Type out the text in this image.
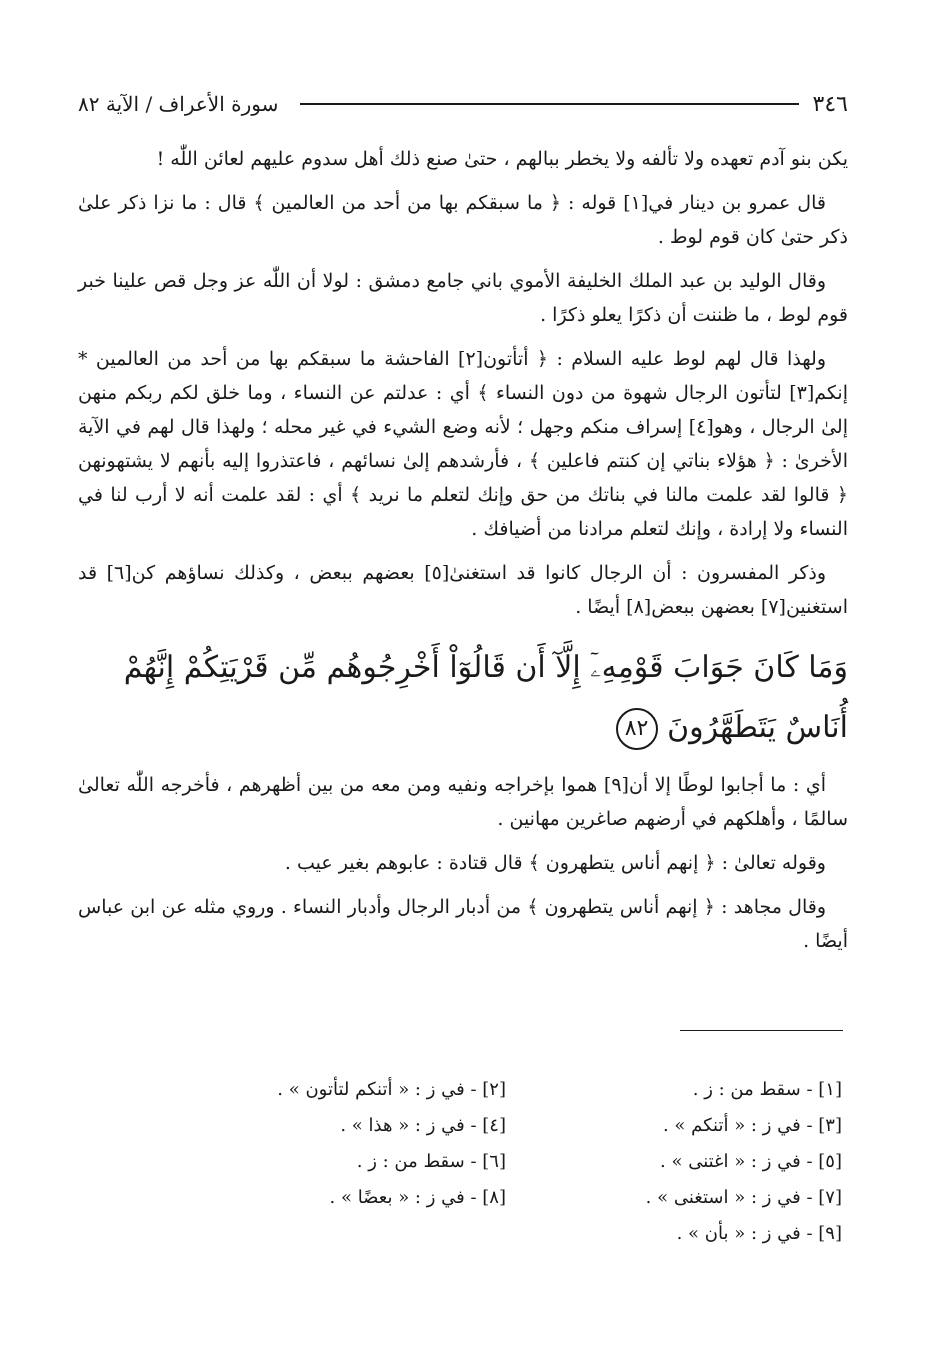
٣٤٦
سورة الأعراف / الآية ٨٢

يكن بنو آدم تعهده ولا تألفه ولا يخطر ببالهم ، حتىٰ صنع ذلك أهل سدوم عليهم لعائن اللّٰه !

قال عمرو بن دينار في[١] قوله : ﴿ ما سبقكم بها من أحد من العالمين ﴾ قال : ما نزا ذكر علىٰ ذكر حتىٰ كان قوم لوط .

وقال الوليد بن عبد الملك الخليفة الأموي باني جامع دمشق : لولا أن اللّٰه عز وجل قص علينا خبر قوم لوط ، ما ظننت أن ذكرًا يعلو ذكرًا .

ولهذا قال لهم لوط عليه السلام : ﴿ أتأتون[٢] الفاحشة ما سبقكم بها من أحد من العالمين * إنكم[٣] لتأتون الرجال شهوة من دون النساء ﴾ أي : عدلتم عن النساء ، وما خلق لكم ربكم منهن إلىٰ الرجال ، وهو[٤] إسراف منكم وجهل ؛ لأنه وضع الشيء في غير محله ؛ ولهذا قال لهم في الآية الأخرىٰ : ﴿ هؤلاء بناتي إن كنتم فاعلين ﴾ ، فأرشدهم إلىٰ نسائهم ، فاعتذروا إليه بأنهم لا يشتهونهن ﴿ قالوا لقد علمت مالنا في بناتك من حق وإنك لتعلم ما نريد ﴾ أي : لقد علمت أنه لا أرب لنا في النساء ولا إرادة ، وإنك لتعلم مرادنا من أضيافك .

وذكر المفسرون : أن الرجال كانوا قد استغنىٰ[٥] بعضهم ببعض ، وكذلك نساؤهم كن[٦] قد استغنين[٧] بعضهن ببعض[٨] أيضًا .

وَمَا كَانَ جَوَابَ قَوْمِهِۦٓ إِلَّآ أَن قَالُوٓاْ أَخْرِجُوهُم مِّن قَرْيَتِكُمْ إِنَّهُمْ أُنَاسٌ يَتَطَهَّرُونَ ٨٢

أي : ما أجابوا لوطًا إلا أن[٩] هموا بإخراجه ونفيه ومن معه من بين أظهرهم ، فأخرجه اللّٰه تعالىٰ سالمًا ، وأهلكهم في أرضهم صاغرين مهانين .

وقوله تعالىٰ : ﴿ إنهم أناس يتطهرون ﴾ قال قتادة : عابوهم بغير عيب .

وقال مجاهد : ﴿ إنهم أناس يتطهرون ﴾ من أدبار الرجال وأدبار النساء . وروي مثله عن ابن عباس أيضًا .

[١] - سقط من : ز .
[٣] - في ز : « أتنكم » .
[٥] - في ز : « اغتنى » .
[٧] - في ز : « استغنى » .
[٩] - في ز : « بأن » .
[٢] - في ز : « أتنكم لتأتون » .
[٤] - في ز : « هذا » .
[٦] - سقط من : ز .
[٨] - في ز : « بعضًا » .
